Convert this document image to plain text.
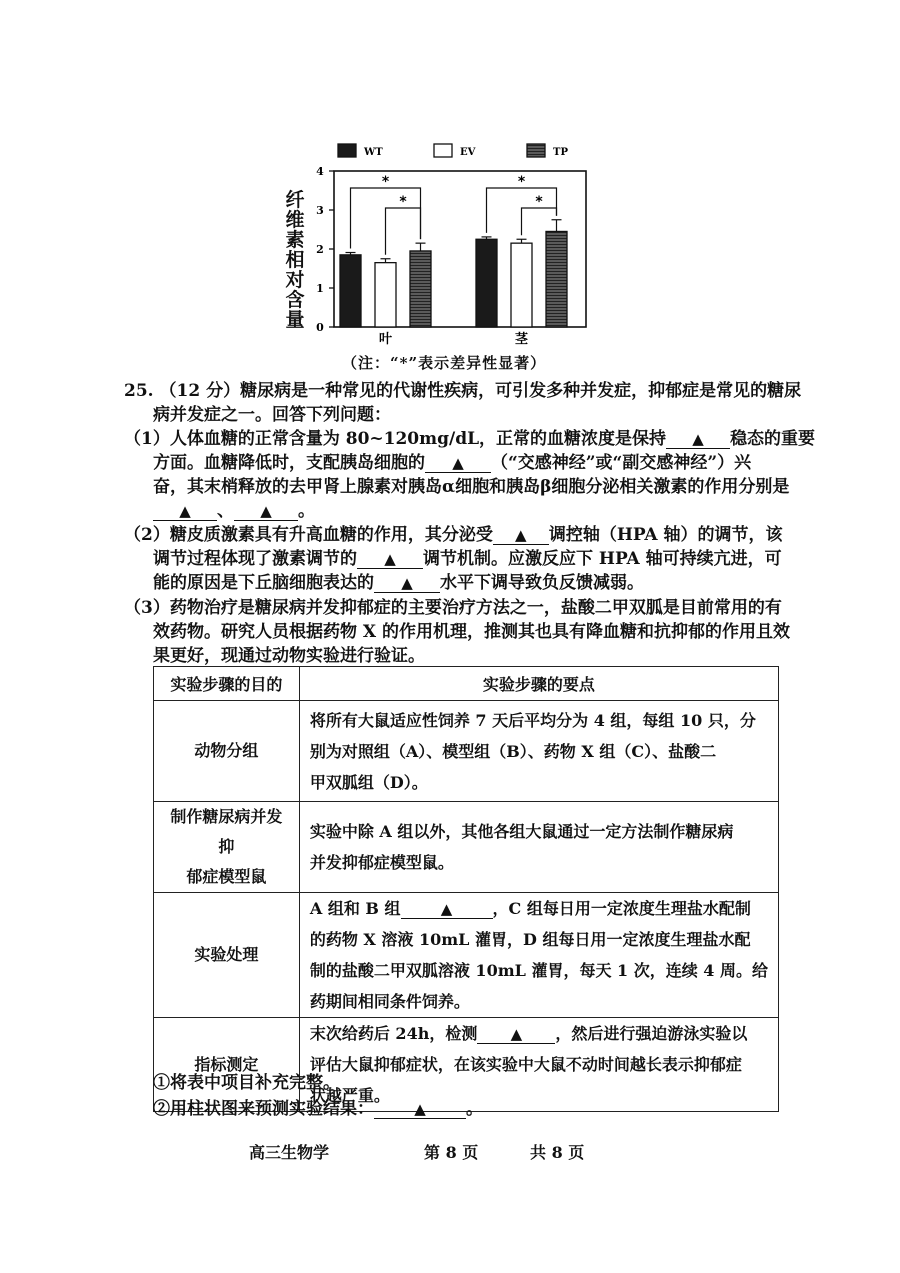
纤
维
素
相
对
含
量
WT	EV	TP
0
1
2
3
4
叶	茎
*
*
*
*
（注：“*”表示差异性显著）
25. （12 分）糖尿病是一种常见的代谢性疾病，可引发多种并发症，抑郁症是常见的糖尿
病并发症之一。回答下列问题：
（1）人体血糖的正常含量为 80~120mg/dL，正常的血糖浓度是保持 ▲ 稳态的重要
方面。血糖降低时，支配胰岛细胞的 ▲ （“交感神经”或“副交感神经”）兴
奋，其末梢释放的去甲肾上腺素对胰岛α细胞和胰岛β细胞分泌相关激素的作用分别是
▲ 、 ▲ 。
（2）糖皮质激素具有升高血糖的作用，其分泌受 ▲ 调控轴（HPA 轴）的调节，该
调节过程体现了激素调节的 ▲ 调节机制。应激反应下 HPA 轴可持续亢进，可
能的原因是下丘脑细胞表达的 ▲ 水平下调导致负反馈减弱。
（3）药物治疗是糖尿病并发抑郁症的主要治疗方法之一，盐酸二甲双胍是目前常用的有
效药物。研究人员根据药物 X 的作用机理，推测其也具有降血糖和抗抑郁的作用且效
果更好，现通过动物实验进行验证。
实验步骤的目的	实验步骤的要点
动物分组	将所有大鼠适应性饲养 7 天后平均分为 4 组，每组 10 只，分
别为对照组（A）、模型组（B）、药物 X 组（C）、盐酸二
甲双胍组（D）。

制作糖尿病并发抑
郁症模型鼠	实验中除 A 组以外，其他各组大鼠通过一定方法制作糖尿病
并发抑郁症模型鼠。

实验处理	A 组和 B 组 ▲ ，C 组每日用一定浓度生理盐水配制
的药物 X 溶液 10mL 灌胃，D 组每日用一定浓度生理盐水配
制的盐酸二甲双胍溶液 10mL 灌胃，每天 1 次，连续 4 周。给
药期间相同条件饲养。

指标测定	末次给药后 24h，检测 ▲ ，然后进行强迫游泳实验以
评估大鼠抑郁症状，在该实验中大鼠不动时间越长表示抑郁症
状越严重。
①将表中项目补充完整。
②用柱状图来预测实验结果：	▲ 。
高三生物学	第 8 页	共 8 页
